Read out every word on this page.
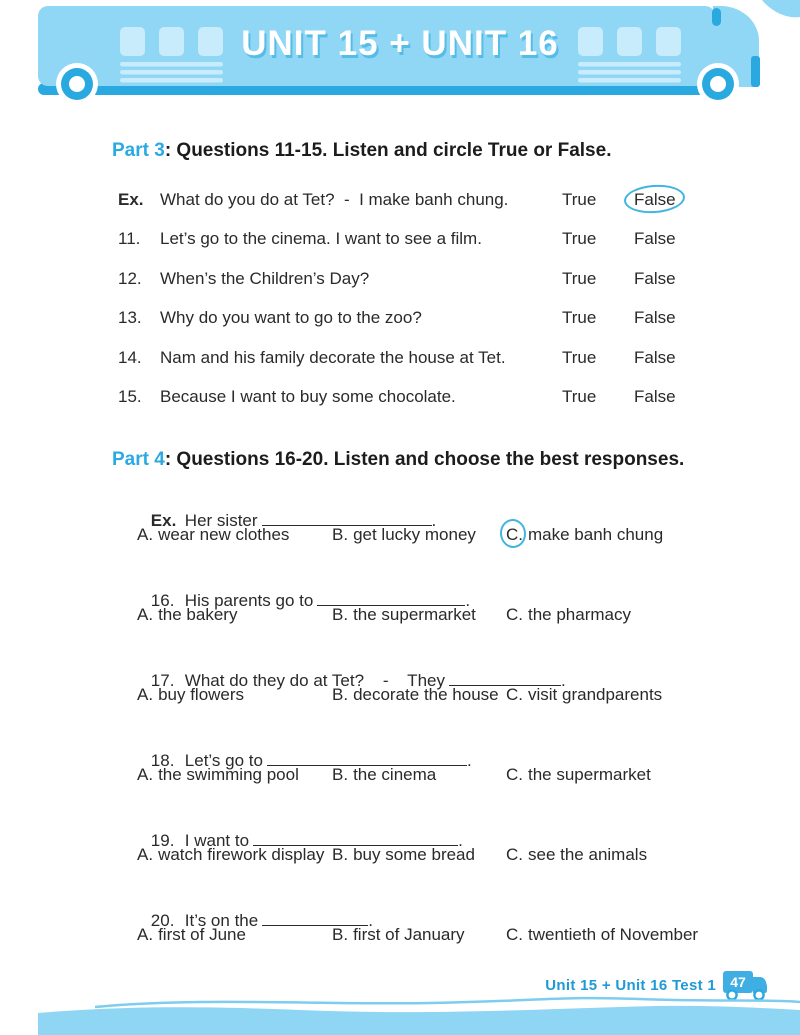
UNIT 15 + UNIT 16
Part 3: Questions 11-15. Listen and circle True or False.
Ex. What do you do at Tet?  -  I make banh chung.	True	False
11.	Let’s go to the cinema. I want to see a film.	True	False
12.	When’s the Children’s Day?	True	False
13.	Why do you want to go to the zoo?	True	False
14.	Nam and his family decorate the house at Tet.	True	False
15.	Because I want to buy some chocolate.	True	False
Part 4: Questions 16-20. Listen and choose the best responses.

Ex. Her sister	.

A. wear new clothes	B. get lucky money	C. make banh chung

16. His parents go to	.

A. the bakery	B. the supermarket	C. the pharmacy

17. What do they do at Tet?    -    They	.

A. buy flowers	B. decorate the house C. visit grandparents

18. Let’s go to	.

A. the swimming pool	B. the cinema	C. the supermarket

19. I want to	.

A. watch firework display B. buy some bread	C. see the animals

20. It’s on the	.

A. first of June	B. first of January	C. twentieth of November
Unit 15 + Unit 16 Test 1 47
